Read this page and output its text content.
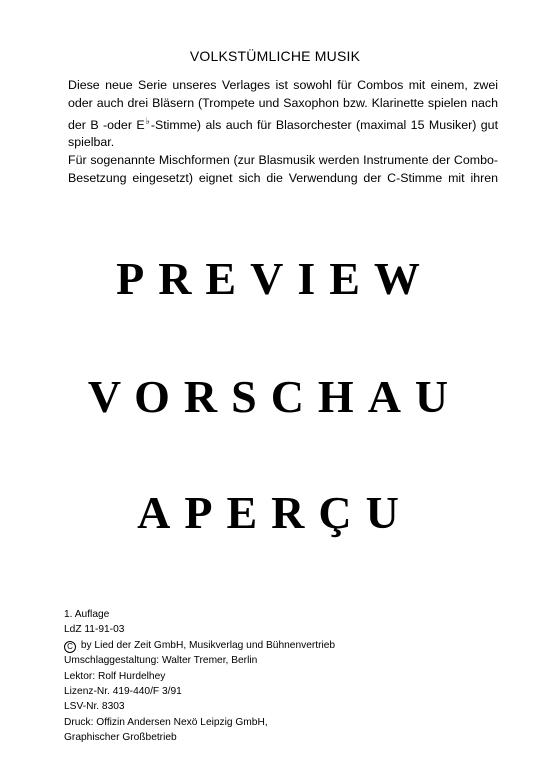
VOLKSTÜMLICHE MUSIK
Diese neue Serie unseres Verlages ist sowohl für Combos mit einem, zwei
oder auch drei Bläsern (Trompete und Saxophon bzw. Klarinette spielen nach
der B -oder E♭-Stimme) als auch für Blasorchester (maximal 15 Musiker) gut
spielbar.
Für sogenannte Mischformen (zur Blasmusik werden Instrumente der Combo-
Besetzung eingesetzt) eignet sich die Verwendung der C-Stimme mit ihren
PREVIEW
VORSCHAU
APERÇU
1. Auflage
LdZ 11-91-03
C by Lied der Zeit GmbH, Musikverlag und Bühnenvertrieb
Umschlaggestaltung: Walter Tremer, Berlin
Lektor: Rolf Hurdelhey
Lizenz-Nr. 419-440/F 3/91
LSV-Nr. 8303
Druck: Offizin Andersen Nexö Leipzig GmbH,
Graphischer Großbetrieb
